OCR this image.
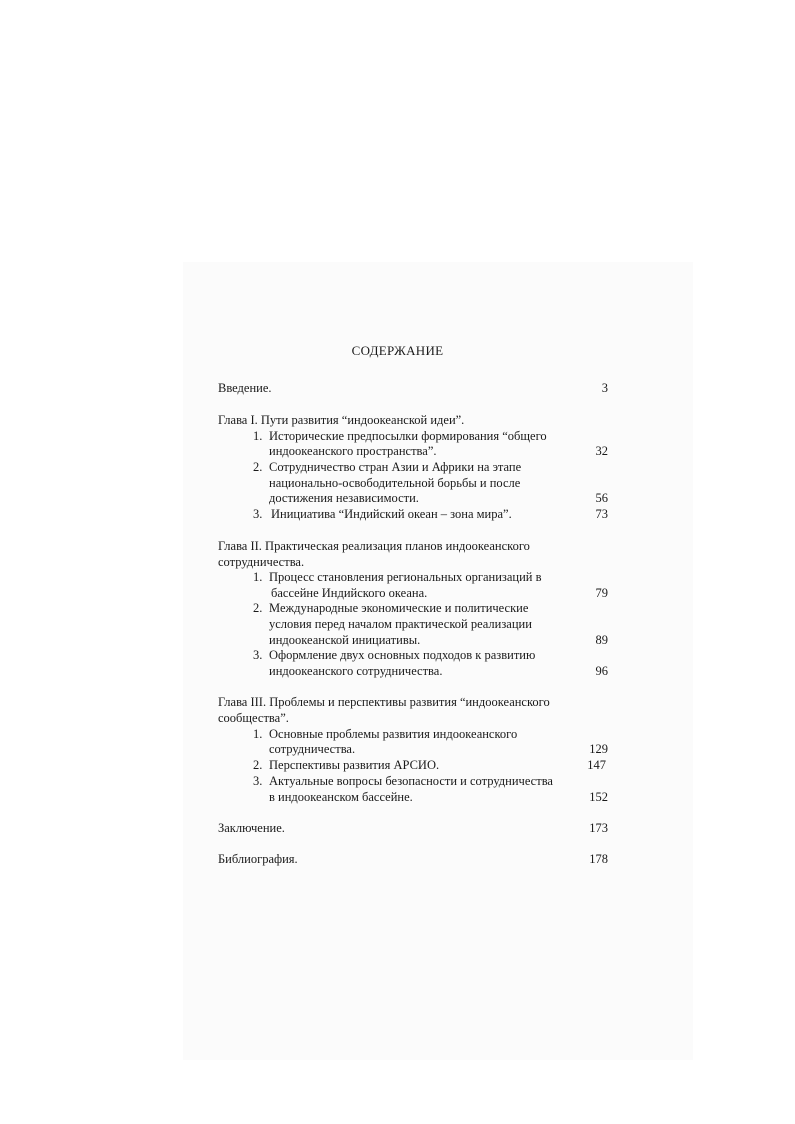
СОДЕРЖАНИЕ
Введение.	3
Глава I. Пути развития “индоокеанской идеи”.
1. Исторические предпосылки формирования “общего
индоокеанского пространства”.	32
2. Сотрудничество стран Азии и Африки на этапе
национально-освободительной борьбы и после
достижения независимости.	56
3. Инициатива “Индийский океан – зона мира”.	73
Глава II. Практическая реализация планов индоокеанского
сотрудничества.
1. Процесс становления региональных организаций в
бассейне Индийского океана.	79
2. Международные экономические и политические
условия перед началом практической реализации
индоокеанской инициативы.	89
3. Оформление двух основных подходов к развитию
индоокеанского сотрудничества.	96
Глава III. Проблемы и перспективы развития “индоокеанского
сообщества”.
1. Основные проблемы развития индоокеанского
сотрудничества.	129
2. Перспективы развития АРСИО.	147
3. Актуальные вопросы безопасности и сотрудничества
в индоокеанском бассейне.	152
Заключение.	173
Библиография.	178
